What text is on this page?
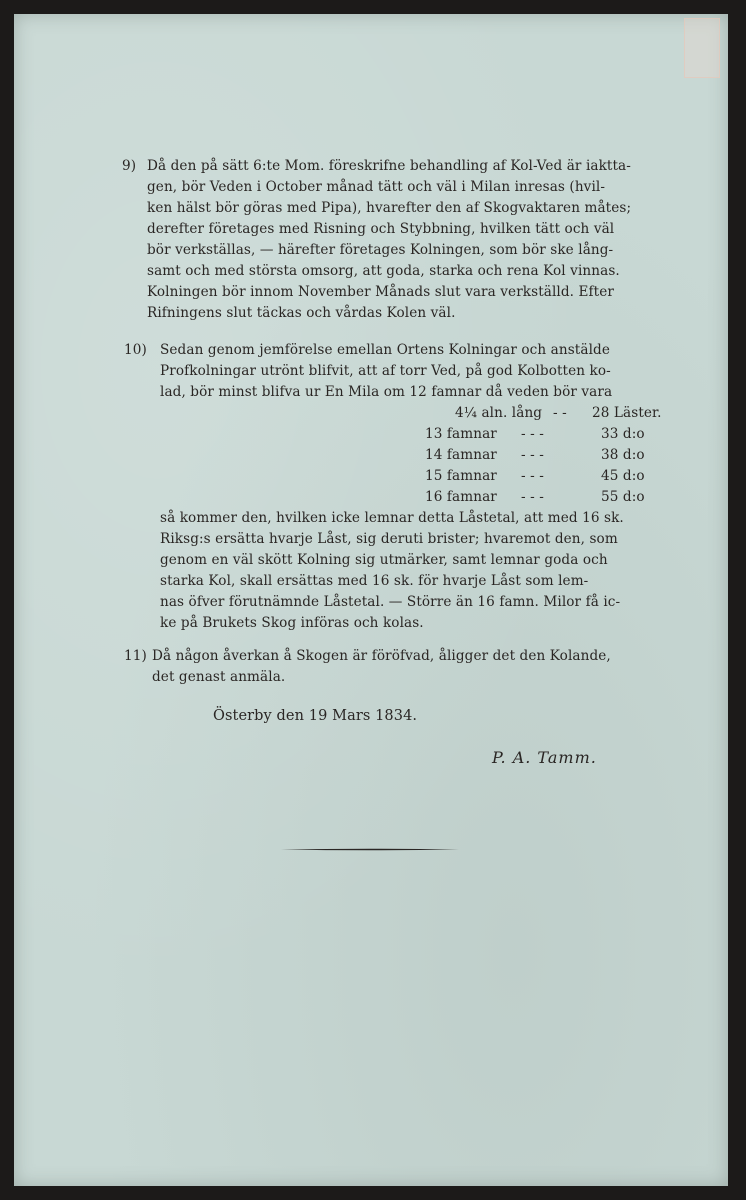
9) Då den på sätt 6:te Mom. föreskrifne behandling af Kol-Ved är iaktta-
gen, bör Veden i October månad tätt och väl i Milan inresas (hvil-
ken hälst bör göras med Pipa), hvarefter den af Skogvaktaren måtes;
derefter företages med Risning och Stybbning, hvilken tätt och väl
bör verkställas, — härefter företages Kolningen, som bör ske lång-
samt och med största omsorg, att goda, starka och rena Kol vinnas.
Kolningen bör innom November Månads slut vara verkställd. Efter
Rifningens slut täckas och vårdas Kolen väl.
10) Sedan genom jemförelse emellan Ortens Kolningar och anstälde
Profkolningar utrönt blifvit, att af torr Ved, på god Kolbotten ko-
lad, bör minst blifva ur En Mila om 12 famnar då veden bör vara
4¼ aln. lång - - 28 Läster.
13 famnar - - -	33 d:o
14 famnar - - -	38 d:o
15 famnar - - -	45 d:o
16 famnar - - -	55 d:o
så kommer den, hvilken icke lemnar detta Låstetal, att med 16 sk.
Riksg:s ersätta hvarje Låst, sig deruti brister; hvaremot den, som
genom en väl skött Kolning sig utmärker, samt lemnar goda och
starka Kol, skall ersättas med 16 sk. för hvarje Låst som lem-
nas öfver förutnämnde Låstetal. — Större än 16 famn. Milor få ic-
ke på Brukets Skog införas och kolas.
11) Då någon åverkan å Skogen är föröfvad, åligger det den Kolande,
det genast anmäla.
Österby den 19 Mars 1834.
P. A. Tamm.
